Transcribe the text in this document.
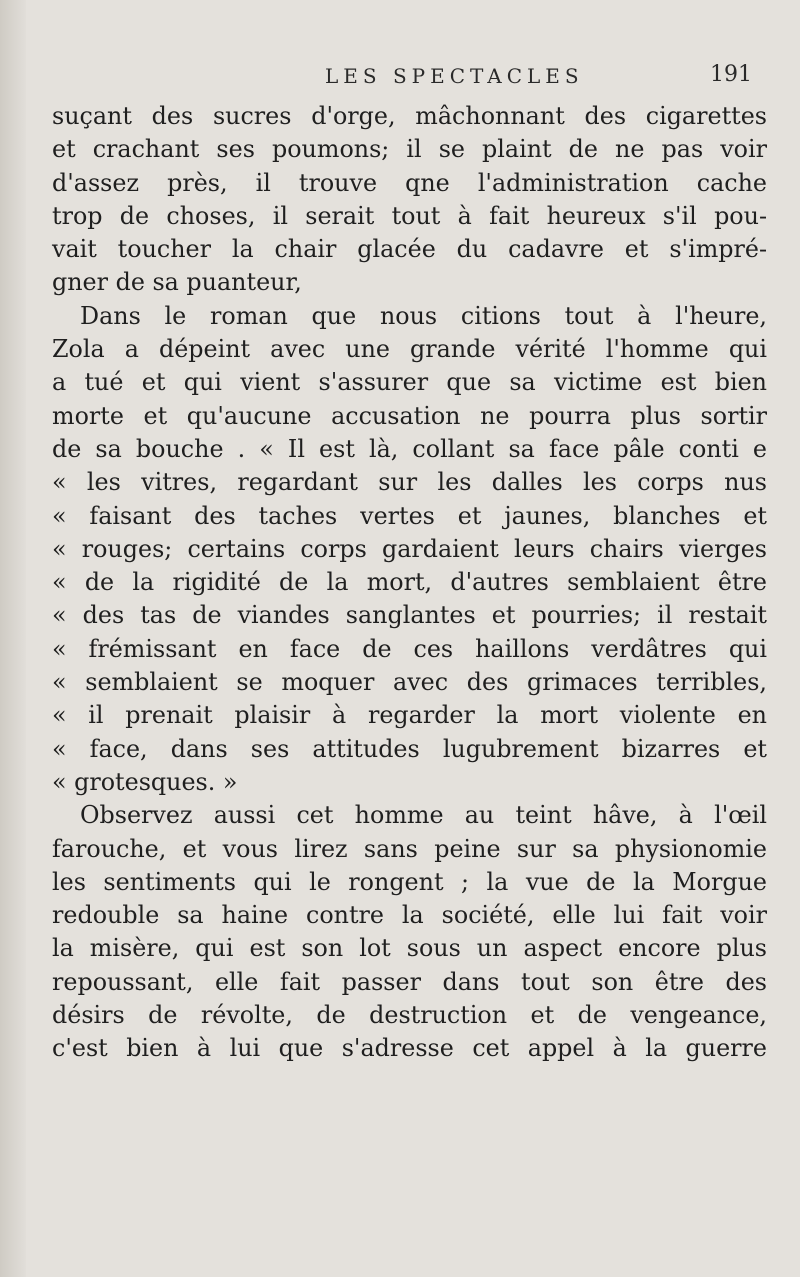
LES SPECTACLES	191
suçant des sucres d'orge, mâchonnant des cigarettes
et crachant ses poumons; il se plaint de ne pas voir
d'assez près, il trouve qne l'administration cache
trop de choses, il serait tout à fait heureux s'il pou-
vait toucher la chair glacée du cadavre et s'impré-
gner de sa puanteur,
Dans le roman que nous citions tout à l'heure,
Zola a dépeint avec une grande vérité l'homme qui
a tué et qui vient s'assurer que sa victime est bien
morte et qu'aucune accusation ne pourra plus sortir
de sa bouche . « Il est là, collant sa face pâle conti e
« les vitres, regardant sur les dalles les corps nus
« faisant des taches vertes et jaunes, blanches et
« rouges; certains corps gardaient leurs chairs vierges
« de la rigidité de la mort, d'autres semblaient être
« des tas de viandes sanglantes et pourries; il restait
« frémissant en face de ces haillons verdâtres qui
« semblaient se moquer avec des grimaces terribles,
« il prenait plaisir à regarder la mort violente en
« face, dans ses attitudes lugubrement bizarres et
« grotesques. »
Observez aussi cet homme au teint hâve, à l'œil
farouche, et vous lirez sans peine sur sa physionomie
les sentiments qui le rongent ; la vue de la Morgue
redouble sa haine contre la société, elle lui fait voir
la misère, qui est son lot sous un aspect encore plus
repoussant, elle fait passer dans tout son être des
désirs de révolte, de destruction et de vengeance,
c'est bien à lui que s'adresse cet appel à la guerre
